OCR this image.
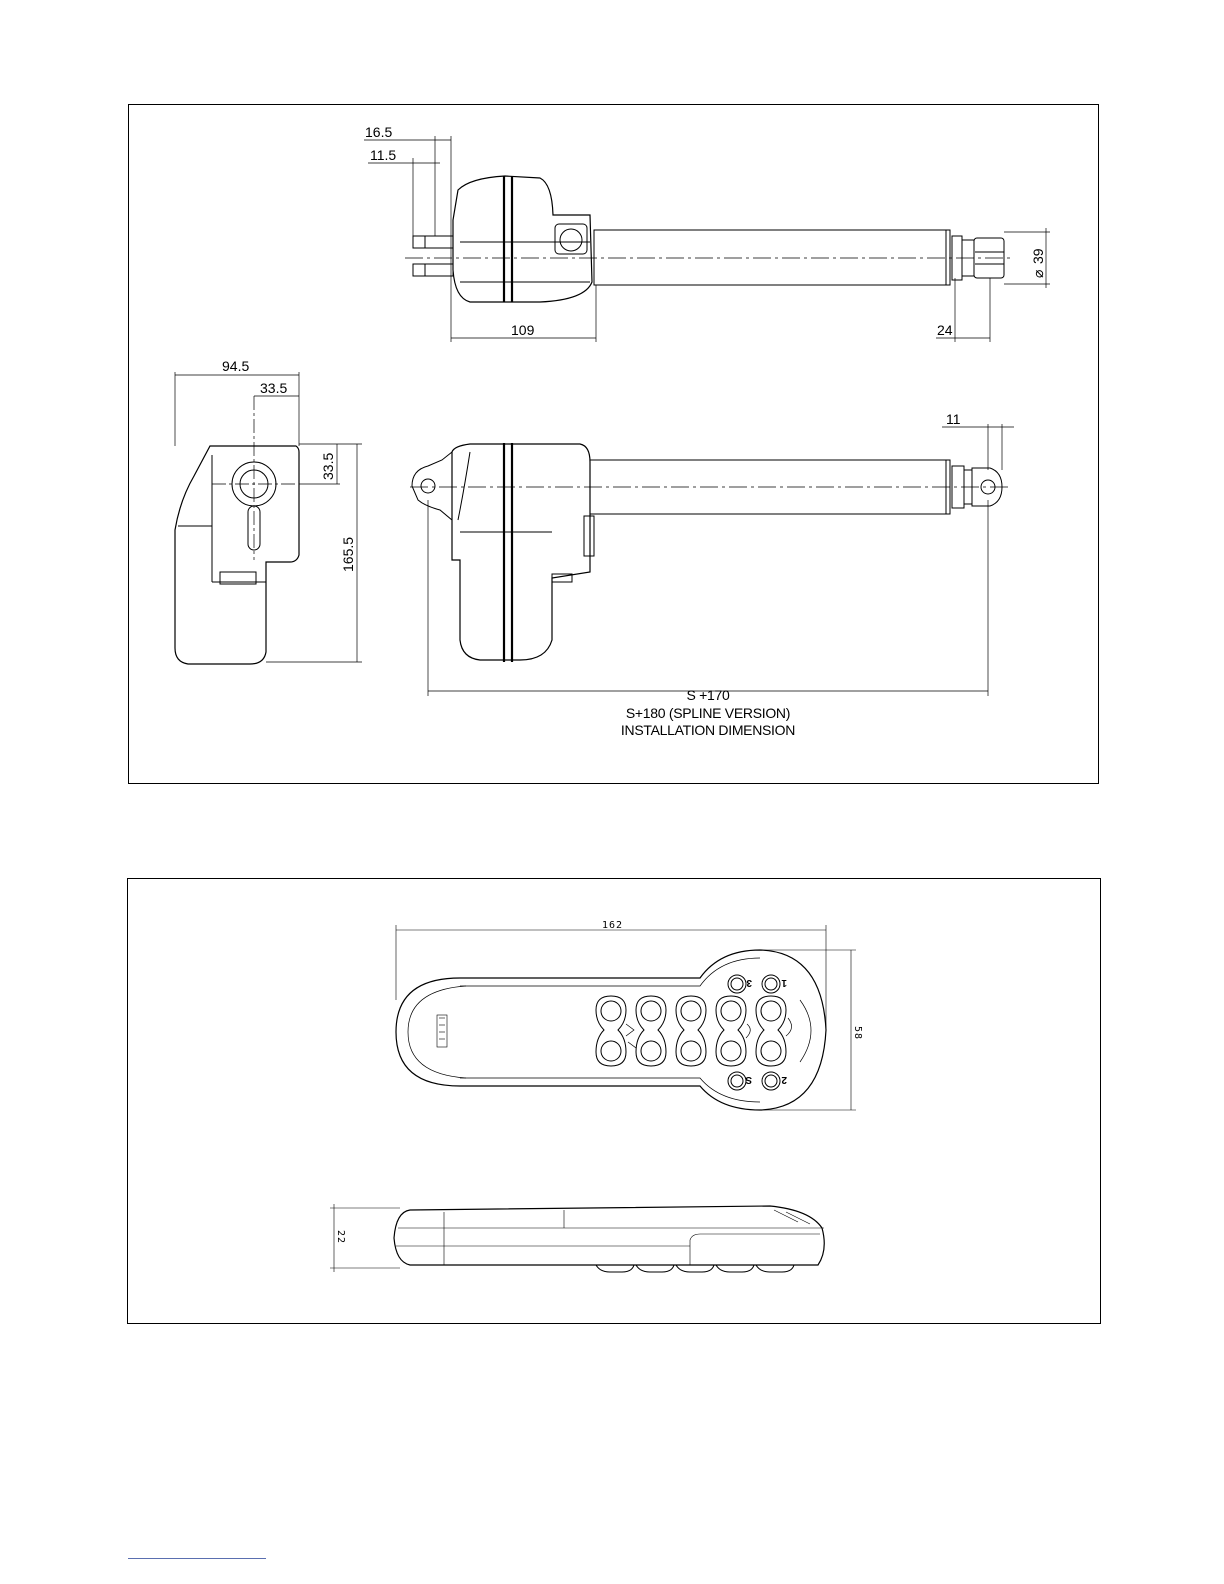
16.5
11.5
109	24
⌀
39
94.5
33.5
33.5
165.5
11
S +170
S+180 (SPLINE VERSION)
INSTALLATION DIMENSION
162
58
22
3	1
S	2
